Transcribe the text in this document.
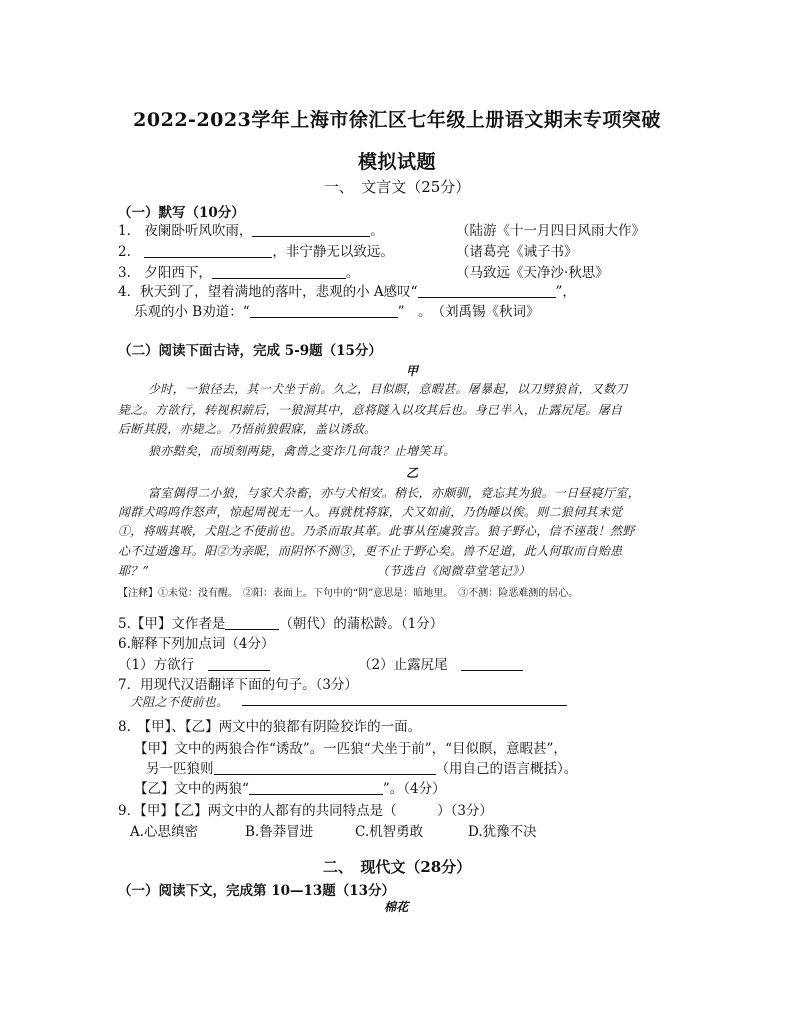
2022-2023学年上海市徐汇区七年级上册语文期末专项突破
模拟试题
一、　文言文（25分）
（一）默写（10分）
1.　夜阑卧听风吹雨，	。	（陆游《十一月四日风雨大作》
2.　	，非宁静无以致远。	（诸葛亮《诫子书》
3.　夕阳西下，	。	（马致远《天净沙·秋思》
4．秋天到了，望着满地的落叶，悲观的小 A感叹“	”，
乐观的小 B劝道：“	”　。　（刘禹锡《秋词》
（二）阅读下面古诗，完成 5-9题（15分）
甲
少时，一狼径去，其一犬坐于前。久之，目似瞑，意暇甚。屠暴起，以刀劈狼首，又数刀
毙之。方欲行，转视积薪后，一狼洞其中，意将隧入以攻其后也。身已半入，止露尻尾。屠自
后断其股，亦毙之。乃悟前狼假寐，盖以诱敌。
狼亦黠矣，而顷刻两毙，禽兽之变诈几何哉？止增笑耳。
乙
富室偶得二小狼，与家犬杂畜，亦与犬相安。稍长，亦颇驯，竟忘其为狼。一日昼寝厅室，
闻群犬呜呜作怒声，惊起周视无一人。再就枕将寐，犬又如前，乃伪睡以俟。则二狼伺其未觉
①，将啮其喉，犬阻之不使前也。乃杀而取其革。此事从侄虞敦言。狼子野心，信不诬哉！然野
心不过遁逸耳。阳②为亲昵，而阴怀不测③，更不止于野心矣。兽不足道，此人何取而自贻患
耶？”　　　　　　　　　　　　　　　　　　　（节选自《阅微草堂笔记》）
【注释】①未觉：没有醒。　②阳：表面上。下句中的“阴”意思是：暗地里。　③不测：险恶难测的居心。
5.【甲】文作者是	（朝代）的蒲松龄。（1分）
6.解释下列加点词（4分）
（1）方欲行　	（2）止露尻尾　
7．用现代汉语翻译下面的句子。（3分）
犬阻之不使前也。
8.　【甲】、【乙】两文中的狼都有阴险狡诈的一面。
【甲】文中的两狼合作“诱敌”。一匹狼“犬坐于前”，“目似瞑，意暇甚”，
另一匹狼则	（用自己的语言概括）。
【乙】文中的两狼“	”。（4分）
9．【甲】【乙】两文中的人都有的共同特点是（　　　）（3分）
A.心思缜密	B.鲁莽冒进	C.机智勇敢	D.犹豫不决
二、　现代文（28分）
（一）阅读下文，完成第 10—13题（13分）
棉花
